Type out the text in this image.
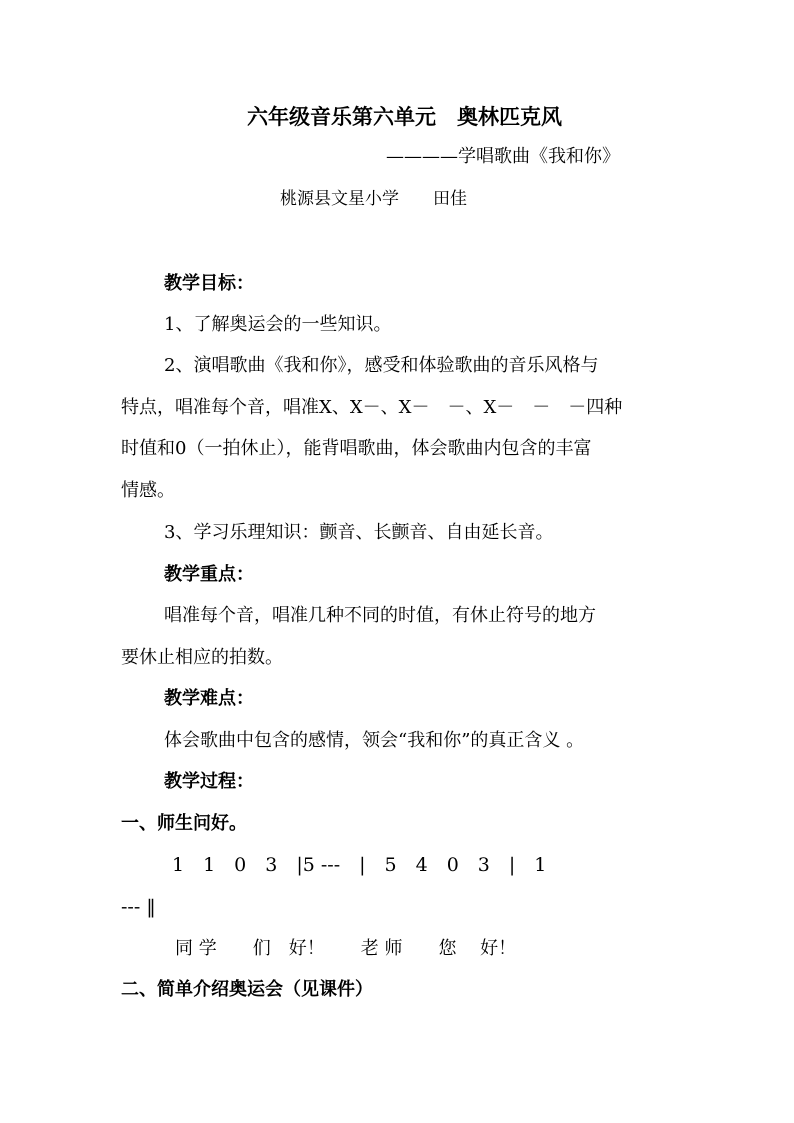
六年级音乐第六单元　奥林匹克风
————学唱歌曲《我和你》
桃源县文星小学　　田佳
教学目标：
1、了解奥运会的一些知识。
2、演唱歌曲《我和你》，感受和体验歌曲的音乐风格与
特点，唱准每个音，唱准X、X－、X－　－、X－　－　－四种
时值和0（一拍休止），能背唱歌曲，体会歌曲内包含的丰富
情感。
3、学习乐理知识：颤音、长颤音、自由延长音。
教学重点：
唱准每个音，唱准几种不同的时值，有休止符号的地方
要休止相应的拍数。
教学难点：
体会歌曲中包含的感情，领会“我和你”的真正含义 。
教学过程：
一、师生问好。
1　1　0　3　|5 ---　|　5　4　0　3　|　1
--- ‖
同 学　　们　好！　　老 师　　您　 好！
二、简单介绍奥运会（见课件）
